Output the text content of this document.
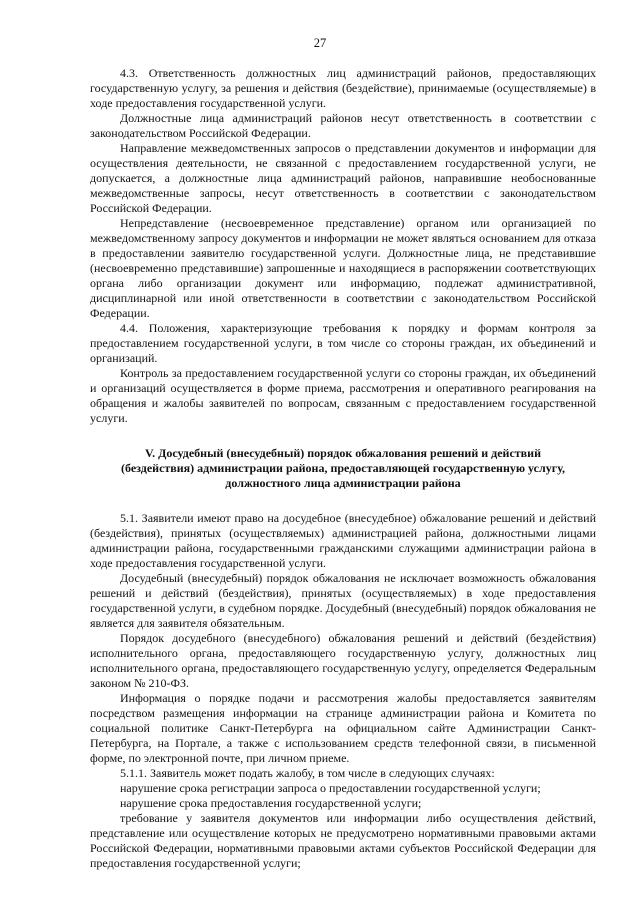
27

4.3. Ответственность должностных лиц администраций районов, предоставляющих государственную услугу, за решения и действия (бездействие), принимаемые (осуществляемые) в ходе предоставления государственной услуги.

Должностные лица администраций районов несут ответственность в соответствии с законодательством Российской Федерации.

Направление межведомственных запросов о представлении документов и информации для осуществления деятельности, не связанной с предоставлением государственной услуги, не допускается, а должностные лица администраций районов, направившие необоснованные межведомственные запросы, несут ответственность в соответствии с законодательством Российской Федерации.

Непредставление (несвоевременное представление) органом или организацией по межведомственному запросу документов и информации не может являться основанием для отказа в предоставлении заявителю государственной услуги. Должностные лица, не представившие (несвоевременно представившие) запрошенные и находящиеся в распоряжении соответствующих органа либо организации документ или информацию, подлежат административной, дисциплинарной или иной ответственности в соответствии с законодательством Российской Федерации.

4.4. Положения, характеризующие требования к порядку и формам контроля за предоставлением государственной услуги, в том числе со стороны граждан, их объединений и организаций.

Контроль за предоставлением государственной услуги со стороны граждан, их объединений и организаций осуществляется в форме приема, рассмотрения и оперативного реагирования на обращения и жалобы заявителей по вопросам, связанным с предоставлением государственной услуги.

V. Досудебный (внесудебный) порядок обжалования решений и действий
(бездействия) администрации района, предоставляющей государственную услугу,
должностного лица администрации района

5.1. Заявители имеют право на досудебное (внесудебное) обжалование решений и действий (бездействия), принятых (осуществляемых) администрацией района, должностными лицами администрации района, государственными гражданскими служащими администрации района в ходе предоставления государственной услуги.

Досудебный (внесудебный) порядок обжалования не исключает возможность обжалования решений и действий (бездействия), принятых (осуществляемых) в ходе предоставления государственной услуги, в судебном порядке. Досудебный (внесудебный) порядок обжалования не является для заявителя обязательным.

Порядок досудебного (внесудебного) обжалования решений и действий (бездействия) исполнительного органа, предоставляющего государственную услугу, должностных лиц исполнительного органа, предоставляющего государственную услугу, определяется Федеральным законом № 210-ФЗ.

Информация о порядке подачи и рассмотрения жалобы предоставляется заявителям посредством размещения информации на странице администрации района и Комитета по социальной политике Санкт-Петербурга на официальном сайте Администрации Санкт-Петербурга, на Портале, а также с использованием средств телефонной связи, в письменной форме, по электронной почте, при личном приеме.

5.1.1. Заявитель может подать жалобу, в том числе в следующих случаях:

нарушение срока регистрации запроса о предоставлении государственной услуги;

нарушение срока предоставления государственной услуги;

требование у заявителя документов или информации либо осуществления действий, представление или осуществление которых не предусмотрено нормативными правовыми актами Российской Федерации, нормативными правовыми актами субъектов Российской Федерации для предоставления государственной услуги;
